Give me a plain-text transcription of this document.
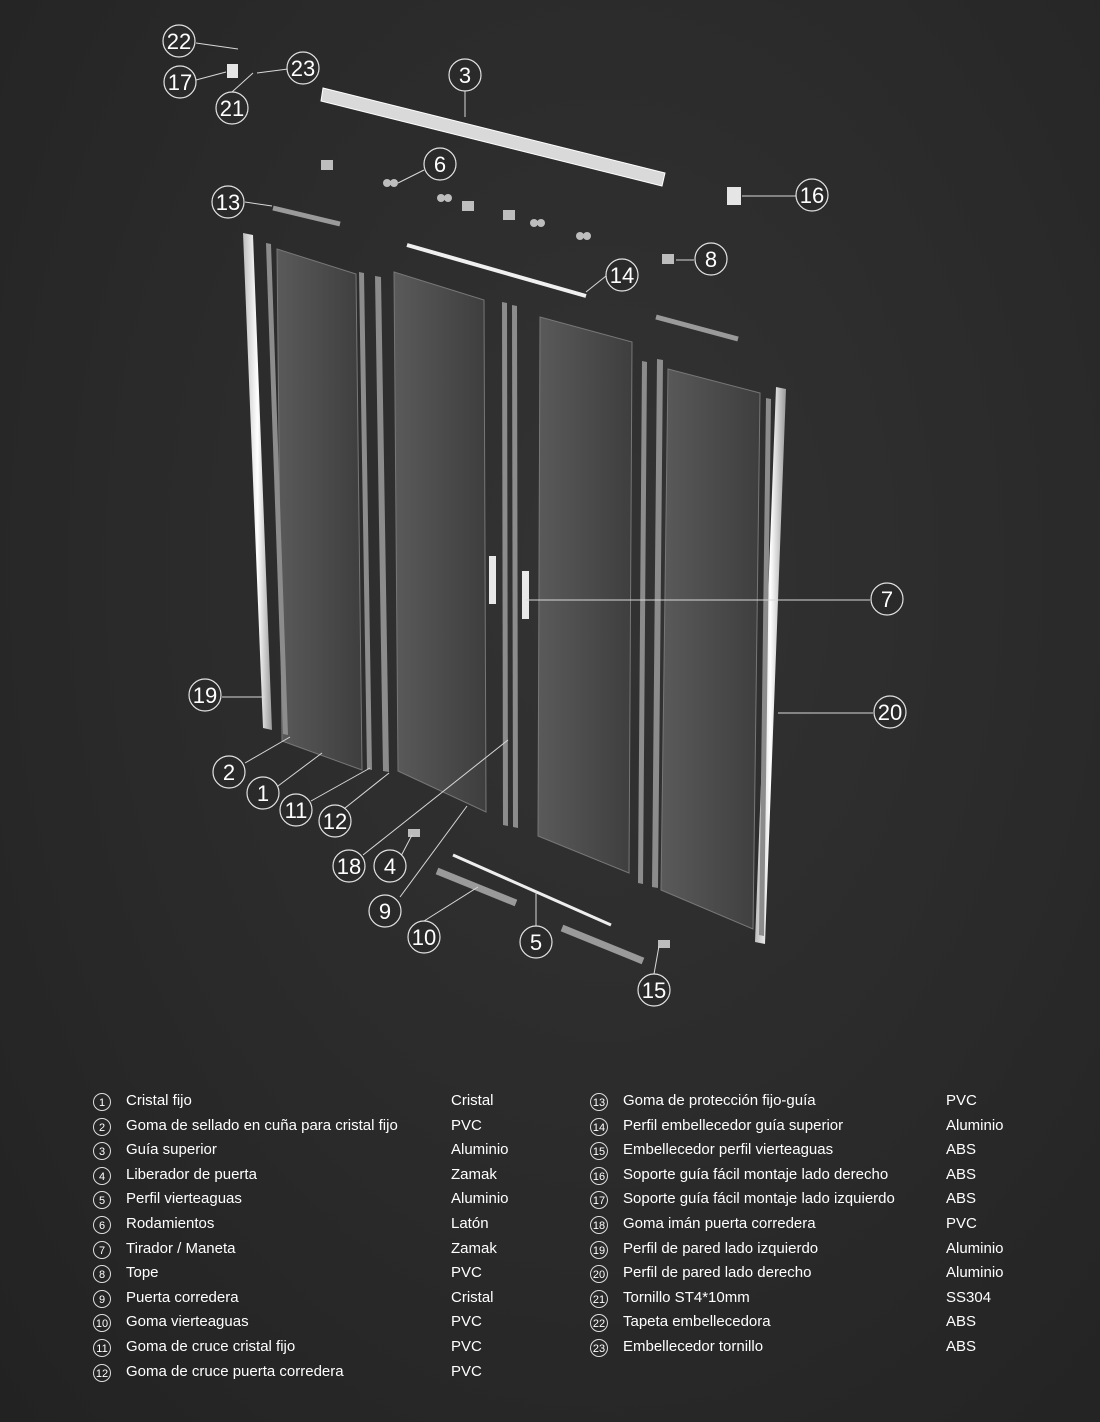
1
2
3
4
5
6
7
8
9
10
11 12
13
14
15
16
17
18
19
20
21
22
23
1	Cristal fijo	Cristal
2	Goma de sellado en cuña para cristal fijo	PVC
3	Guía superior	Aluminio
4	Liberador de puerta	Zamak
5	Perfil vierteaguas	Aluminio
6	Rodamientos	Latón
7	Tirador / Maneta	Zamak
8	Tope	PVC
9	Puerta corredera	Cristal
10 Goma vierteaguas	PVC
11 Goma de cruce cristal fijo	PVC
12 Goma de cruce puerta corredera	PVC
13 Goma de protección fijo-guía	PVC
14 Perfil embellecedor guía superior	Aluminio
15 Embellecedor perfil vierteaguas	ABS
16 Soporte guía fácil montaje lado derecho	ABS
17 Soporte guía fácil montaje lado izquierdo	ABS
18 Goma imán puerta corredera	PVC
19 Perfil de pared lado izquierdo	Aluminio
20 Perfil de pared lado derecho	Aluminio
21 Tornillo ST4*10mm	SS304
22 Tapeta embellecedora	ABS
23 Embellecedor tornillo	ABS
